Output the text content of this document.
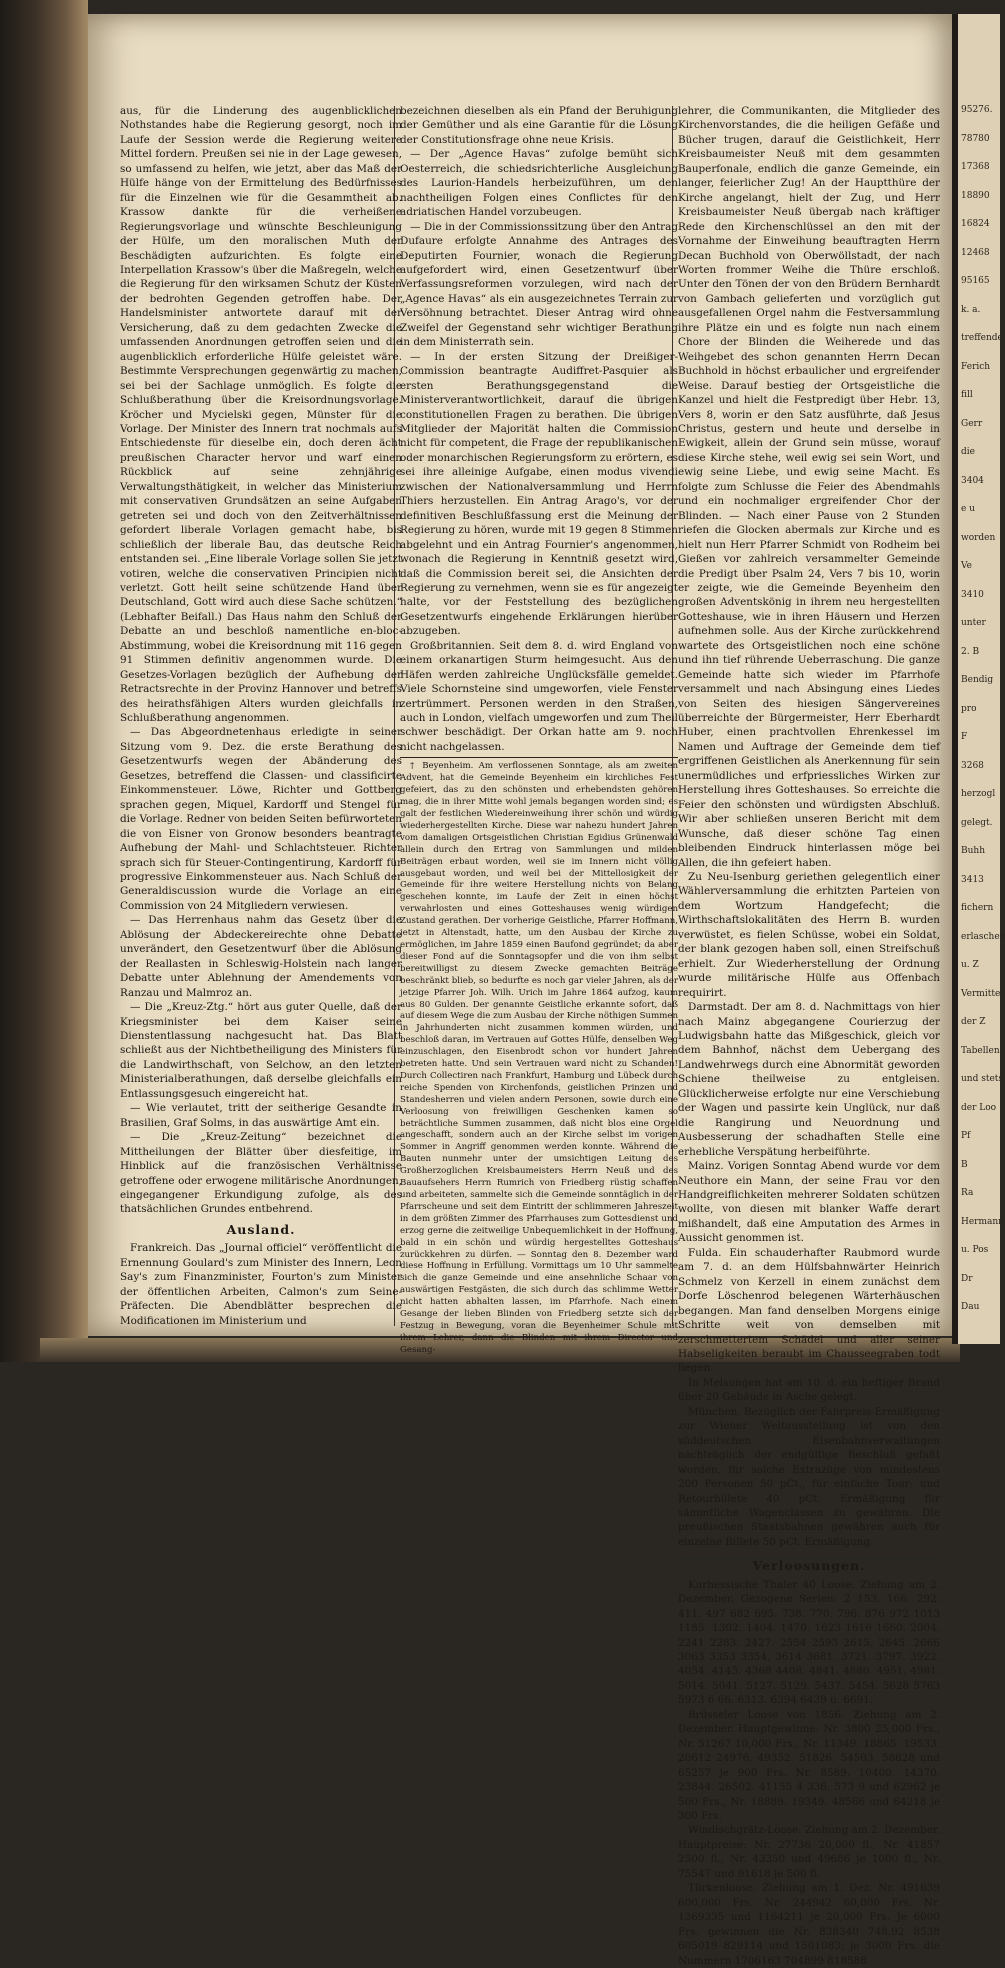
aus, für die Linderung des augenblicklichen Nothstandes habe die Regierung gesorgt, noch im Laufe der Session werde die Regierung weitere Mittel fordern. Preußen sei nie in der Lage gewesen, so umfassend zu helfen, wie jetzt, aber das Maß der Hülfe hänge von der Ermittelung des Bedürfnisses für die Einzelnen wie für die Gesammtheit ab. Krassow dankte für die verheißene Regierungsvorlage und wünschte Beschleunigung der Hülfe, um den moralischen Muth der Beschädigten aufzurichten. Es folgte eine Interpellation Krassow's über die Maßregeln, welche die Regierung für den wirksamen Schutz der Küsten der bedrohten Gegenden getroffen habe. Der Handelsminister antwortete darauf mit der Versicherung, daß zu dem gedachten Zwecke die umfassenden Anordnungen getroffen seien und die augenblicklich erforderliche Hülfe geleistet wäre. Bestimmte Versprechungen gegenwärtig zu machen, sei bei der Sachlage unmöglich. Es folgte die Schlußberathung über die Kreisordnungsvorlage. Kröcher und Mycielski gegen, Münster für die Vorlage. Der Minister des Innern trat nochmals aufs Entschiedenste für dieselbe ein, doch deren ächt preußischen Character hervor und warf einen Rückblick auf seine zehnjährige Verwaltungsthätigkeit, in welcher das Ministerium mit conservativen Grundsätzen an seine Aufgaben getreten sei und doch von den Zeitverhältnissen gefordert liberale Vorlagen gemacht habe, bis schließlich der liberale Bau, das deutsche Reich entstanden sei. „Eine liberale Vorlage sollen Sie jetzt votiren, welche die conservativen Principien nicht verletzt. Gott heilt seine schützende Hand über Deutschland, Gott wird auch diese Sache schützen.“ (Lebhafter Beifall.) Das Haus nahm den Schluß der Debatte an und beschloß namentliche en-bloc-Abstimmung, wobei die Kreisordnung mit 116 gegen 91 Stimmen definitiv angenommen wurde. Die Gesetzes-Vorlagen bezüglich der Aufhebung der Retractsrechte in der Provinz Hannover und betreffs des heirathsfähigen Alters wurden gleichfalls in Schlußberathung angenommen.

— Das Abgeordnetenhaus erledigte in seiner Sitzung vom 9. Dez. die erste Berathung des Gesetzentwurfs wegen der Abänderung des Gesetzes, betreffend die Classen- und classificirte Einkommensteuer. Löwe, Richter und Gottberg sprachen gegen, Miquel, Kardorff und Stengel für die Vorlage. Redner von beiden Seiten befürworteten die von Eisner von Gronow besonders beantragte Aufhebung der Mahl- und Schlachtsteuer. Richter sprach sich für Steuer-Contingentirung, Kardorff für progressive Einkommensteuer aus. Nach Schluß der Generaldiscussion wurde die Vorlage an eine Commission von 24 Mitgliedern verwiesen.

— Das Herrenhaus nahm das Gesetz über die Ablösung der Abdeckereirechte ohne Debatte unverändert, den Gesetzentwurf über die Ablösung der Reallasten in Schleswig-Holstein nach langer Debatte unter Ablehnung der Amendements von Ranzau und Malmroz an.

— Die „Kreuz-Ztg.“ hört aus guter Quelle, daß der Kriegsminister bei dem Kaiser seine Dienstentlassung nachgesucht hat. Das Blatt schließt aus der Nichtbetheiligung des Ministers für die Landwirthschaft, von Selchow, an den letzten Ministerialberathungen, daß derselbe gleichfalls ein Entlassungsgesuch eingereicht hat.

— Wie verlautet, tritt der seitherige Gesandte in Brasilien, Graf Solms, in das auswärtige Amt ein.

— Die „Kreuz-Zeitung“ bezeichnet die Mittheilungen der Blätter über diesfeitige, im Hinblick auf die französischen Verhältnisse getroffene oder erwogene militärische Anordnungen, eingegangener Erkundigung zufolge, als des thatsächlichen Grundes entbehrend.

Ausland.

Frankreich. Das „Journal officiel“ veröffentlicht die Ernennung Goulard's zum Minister des Innern, Leon Say's zum Finanzminister, Fourton's zum Minister der öffentlichen Arbeiten, Calmon's zum Seine-Präfecten. Die Abendblätter besprechen die Modificationen im Ministerium und

bezeichnen dieselben als ein Pfand der Beruhigung der Gemüther und als eine Garantie für die Lösung der Constitutionsfrage ohne neue Krisis.

— Der „Agence Havas“ zufolge bemüht sich Oesterreich, die schiedsrichterliche Ausgleichung des Laurion-Handels herbeizuführen, um den nachtheiligen Folgen eines Conflictes für den adriatischen Handel vorzubeugen.

— Die in der Commissionssitzung über den Antrag Dufaure erfolgte Annahme des Antrages des Deputirten Fournier, wonach die Regierung aufgefordert wird, einen Gesetzentwurf über Verfassungsreformen vorzulegen, wird nach der „Agence Havas“ als ein ausgezeichnetes Terrain zur Versöhnung betrachtet. Dieser Antrag wird ohne Zweifel der Gegenstand sehr wichtiger Berathung in dem Ministerrath sein.

— In der ersten Sitzung der Dreißiger-Commission beantragte Audiffret-Pasquier als ersten Berathungsgegenstand die Ministerverantwortlichkeit, darauf die übrigen constitutionellen Fragen zu berathen. Die übrigen Mitglieder der Majorität halten die Commission nicht für competent, die Frage der republikanischen oder monarchischen Regierungsform zu erörtern, es sei ihre alleinige Aufgabe, einen modus vivendi zwischen der Nationalversammlung und Herrn Thiers herzustellen. Ein Antrag Arago's, vor der definitiven Beschlußfassung erst die Meinung der Regierung zu hören, wurde mit 19 gegen 8 Stimmen abgelehnt und ein Antrag Fournier's angenommen, wonach die Regierung in Kenntniß gesetzt wird, daß die Commission bereit sei, die Ansichten der Regierung zu vernehmen, wenn sie es für angezeigt halte, vor der Feststellung des bezüglichen Gesetzentwurfs eingehende Erklärungen hierüber abzugeben.

Großbritannien. Seit dem 8. d. wird England von einem orkanartigen Sturm heimgesucht. Aus den Häfen werden zahlreiche Unglücksfälle gemeldet. Viele Schornsteine sind umgeworfen, viele Fenster zertrümmert. Personen werden in den Straßen, auch in London, vielfach umgeworfen und zum Theil schwer beschädigt. Der Orkan hatte am 9. noch nicht nachgelassen.

† Beyenheim. Am verflossenen Sonntage, als am zweiten Advent, hat die Gemeinde Beyenheim ein kirchliches Fest gefeiert, das zu den schönsten und erhebendsten gehören mag, die in ihrer Mitte wohl jemals begangen worden sind; es galt der festlichen Wiedereinweihung ihrer schön und würdig wiederhergestellten Kirche. Diese war nahezu hundert Jahren vom damaligen Ortsgeistlichen Christian Egidius Grünenwald allein durch den Ertrag von Sammlungen und milden Beiträgen erbaut worden, weil sie im Innern nicht völlig ausgebaut worden, und weil bei der Mittellosigkeit der Gemeinde für ihre weitere Herstellung nichts von Belang geschehen konnte, im Laufe der Zeit in einen höchst verwahrlosten und eines Gotteshauses wenig würdigen Zustand gerathen. Der vorherige Geistliche, Pfarrer Hoffmann, jetzt in Altenstadt, hatte, um den Ausbau der Kirche zu ermöglichen, im Jahre 1859 einen Baufond gegründet; da aber dieser Fond auf die Sonntagsopfer und die von ihm selbst bereitwilligst zu diesem Zwecke gemachten Beiträge beschränkt blieb, so bedurfte es noch gar vieler Jahren, als der jetzige Pfarrer Joh. Wilh. Urich im Jahre 1864 aufzog, kaum aus 80 Gulden. Der genannte Geistliche erkannte sofort, daß auf diesem Wege die zum Ausbau der Kirche nöthigen Summen in Jahrhunderten nicht zusammen kommen würden, und beschloß daran, im Vertrauen auf Gottes Hülfe, denselben Weg einzuschlagen, den Eisenbrodt schon vor hundert Jahren betreten hatte. Und sein Vertrauen ward nicht zu Schanden! Durch Collectiren nach Frankfurt, Hamburg und Lübeck durch reiche Spenden von Kirchenfonds, geistlichen Prinzen und Standesherren und vielen andern Personen, sowie durch eine Verloosung von freiwilligen Geschenken kamen so beträchtliche Summen zusammen, daß nicht blos eine Orgel angeschafft, sondern auch an der Kirche selbst im vorigen Sommer in Angriff genommen werden konnte. Während die Bauten nunmehr unter der umsichtigen Leitung des Großherzoglichen Kreisbaumeisters Herrn Neuß und des Bauaufsehers Herrn Rumrich von Friedberg rüstig schaffen und arbeiteten, sammelte sich die Gemeinde sonntäglich in der Pfarrscheune und seit dem Eintritt der schlimmeren Jahreszeit in dem größten Zimmer des Pfarrhauses zum Gottesdienst und erzog gerne die zeitweilige Unbequemlichkeit in der Hoffnung, bald in ein schön und würdig hergestelltes Gotteshaus zurückkehren zu dürfen. — Sonntag den 8. Dezember ward diese Hoffnung in Erfüllung. Vormittags um 10 Uhr sammelte sich die ganze Gemeinde und eine ansehnliche Schaar von auswärtigen Festgästen, die sich durch das schlimme Wetter nicht hatten abhalten lassen, im Pfarrhofe. Nach einem Gesange der lieben Blinden von Friedberg setzte sich der Festzug in Bewegung, voran die Beyenheimer Schule mit ihrem Lehrer, dann die Blinden mit ihrem Director und Gesang-

lehrer, die Communikanten, die Mitglieder des Kirchenvorstandes, die die heiligen Gefäße und Bücher trugen, darauf die Geistlichkeit, Herr Kreisbaumeister Neuß mit dem gesammten Bauperfonale, endlich die ganze Gemeinde, ein langer, feierlicher Zug! An der Hauptthüre der Kirche angelangt, hielt der Zug, und Herr Kreisbaumeister Neuß übergab nach kräftiger Rede den Kirchenschlüssel an den mit der Vornahme der Einweihung beauftragten Herrn Decan Buchhold von Oberwöllstadt, der nach Worten frommer Weihe die Thüre erschloß. Unter den Tönen der von den Brüdern Bernhardt von Gambach gelieferten und vorzüglich gut ausgefallenen Orgel nahm die Festversammlung ihre Plätze ein und es folgte nun nach einem Chore der Blinden die Weiherede und das Weihgebet des schon genannten Herrn Decan Buchhold in höchst erbaulicher und ergreifender Weise. Darauf bestieg der Ortsgeistliche die Kanzel und hielt die Festpredigt über Hebr. 13, Vers 8, worin er den Satz ausführte, daß Jesus Christus, gestern und heute und derselbe in Ewigkeit, allein der Grund sein müsse, worauf diese Kirche stehe, weil ewig sei sein Wort, und ewig seine Liebe, und ewig seine Macht. Es folgte zum Schlusse die Feier des Abendmahls und ein nochmaliger ergreifender Chor der Blinden. — Nach einer Pause von 2 Stunden riefen die Glocken abermals zur Kirche und es hielt nun Herr Pfarrer Schmidt von Rodheim bei Gießen vor zahlreich versammelter Gemeinde die Predigt über Psalm 24, Vers 7 bis 10, worin er zeigte, wie die Gemeinde Beyenheim den großen Adventskönig in ihrem neu hergestellten Gotteshause, wie in ihren Häusern und Herzen aufnehmen solle. Aus der Kirche zurückkehrend wartete des Ortsgeistlichen noch eine schöne und ihn tief rührende Ueberraschung. Die ganze Gemeinde hatte sich wieder im Pfarrhofe versammelt und nach Absingung eines Liedes von Seiten des hiesigen Sängervereines überreichte der Bürgermeister, Herr Eberhardt Huber, einen prachtvollen Ehrenkessel im Namen und Auftrage der Gemeinde dem tief ergriffenen Geistlichen als Anerkennung für sein unermüdliches und erfpriessliches Wirken zur Herstellung ihres Gotteshauses. So erreichte die Feier den schönsten und würdigsten Abschluß. Wir aber schließen unseren Bericht mit dem Wunsche, daß dieser schöne Tag einen bleibenden Eindruck hinterlassen möge bei Allen, die ihn gefeiert haben.

Zu Neu-Isenburg geriethen gelegentlich einer Wählerversammlung die erhitzten Parteien von dem Wortzum Handgefecht; die Wirthschaftslokalitäten des Herrn B. wurden verwüstet, es fielen Schüsse, wobei ein Soldat, der blank gezogen haben soll, einen Streifschuß erhielt. Zur Wiederherstellung der Ordnung wurde militärische Hülfe aus Offenbach requirirt.

Darmstadt. Der am 8. d. Nachmittags von hier nach Mainz abgegangene Courierzug der Ludwigsbahn hatte das Mißgeschick, gleich vor dem Bahnhof, nächst dem Uebergang des Landwehrwegs durch eine Abnormität geworden Schiene theilweise zu entgleisen. Glücklicherweise erfolgte nur eine Verschiebung der Wagen und passirte kein Unglück, nur daß die Rangirung und Neuordnung und Ausbesserung der schadhaften Stelle eine erhebliche Verspätung herbeiführte.

Mainz. Vorigen Sonntag Abend wurde vor dem Neuthore ein Mann, der seine Frau vor den Handgreiflichkeiten mehrerer Soldaten schützen wollte, von diesen mit blanker Waffe derart mißhandelt, daß eine Amputation des Armes in Aussicht genommen ist.

Fulda. Ein schauderhafter Raubmord wurde am 7. d. an dem Hülfsbahnwärter Heinrich Schmelz von Kerzell in einem zunächst dem Dorfe Löschenrod belegenen Wärterhäuschen begangen. Man fand denselben Morgens einige Schritte weit von demselben mit zerschmettertem Schädel und aller seiner Habseligkeiten beraubt im Chausseegraben todt liegen.

In Melsungen hat am 10. d. ein heftiger Brand über 20 Gebäude in Asche gelegt.

München. Bezüglich der Fahrpreis-Ermäßigung zur Wiener Weltausstellung ist von den süddeutschen Eisenbahnverwaltungen nachträglich der endgültige Beschluß gefaßt worden, für solche Extrazüge von mindestens 200 Personen 50 pCt., für einfache Tour- und Retourbillete 40 pCt. Ermäßigung für sämmtliche Wagenclassen zu gewähren. Die preußischen Staatsbahnen gewähren auch für einzelne Billete 50 pCt. Ermäßigung.

Verloosungen.

Kurhessische Thaler 40 Loose. Ziehung am 2. Dezember. Gezogene Serien: 2 153. 166. 292. 411. 497 682 695. 738. 770. 796. 876 972 1013 1185. 1302. 1404. 1470. 1623 1616 1660. 2004. 2241 2283. 2427. 2554 2593 2615. 2645. 2666 3063 3353 3354. 3614 3681. 3721. 3797. 3922. 4054. 4145. 4368 4408. 4841. 4880. 4951. 4981. 5014. 5041. 5127. 5129. 5437. 5454. 5628 5763 5973 6 66. 6313. 6394 6439 u. 6691.

Brüsseler Loose von 1856. Ziehung am 2. Dezember. Hauptgewinne: Nr. 3800 25,000 Frs., Nr. 51267 10,000 Frs., Nr. 11349. 18865. 19533. 20612 24976. 49352. 51826. 54503. 58828 und 65257 je 900 Frs. Nr. 8589. 10400. 14370. 23844. 26502. 41155 4 336. 573 9 und 62962 je 500 Frs., Nr. 18889. 19349. 48566 und 64218 je 300 Frs.

Windischgrätz-Loose. Ziehung am 2. Dezember. Hauptpreise: Nr. 27736 20,000 fl., Nr. 41857 2500 fl., Nr. 43350 und 49686 je 1000 fl., Nr. 75547 und 91618 je 500 fl.

Türkenloose. Ziehung am 1. Dez. Nr. 491639 600,000 Frs. Nr. 244942 60,000 Frs. Nr. 1369335 und 1164211 je 20,000 Frs. Je 6000 Frs. gewinnen die Nr. 838340 748.92 8538 605019 829114 und 1501083; je 3000 Frs. die Nummern 1706163 704899 818588

95276.
78780
17368
18890
16824
12468
95165
k. a.
treffende
Ferich
fill
Gerr
die
3404
e u
worden
Ve
3410
unter
2. B
Bendig
pro
F
3268
herzogl
gelegt.
Buhh
3413
fichern
erlaschen
u. Z
Vermitte
der Z
Tabellen
und stets
der Loo
Pf
B
Ra
Hermann
u. Pos
Dr
Dau
